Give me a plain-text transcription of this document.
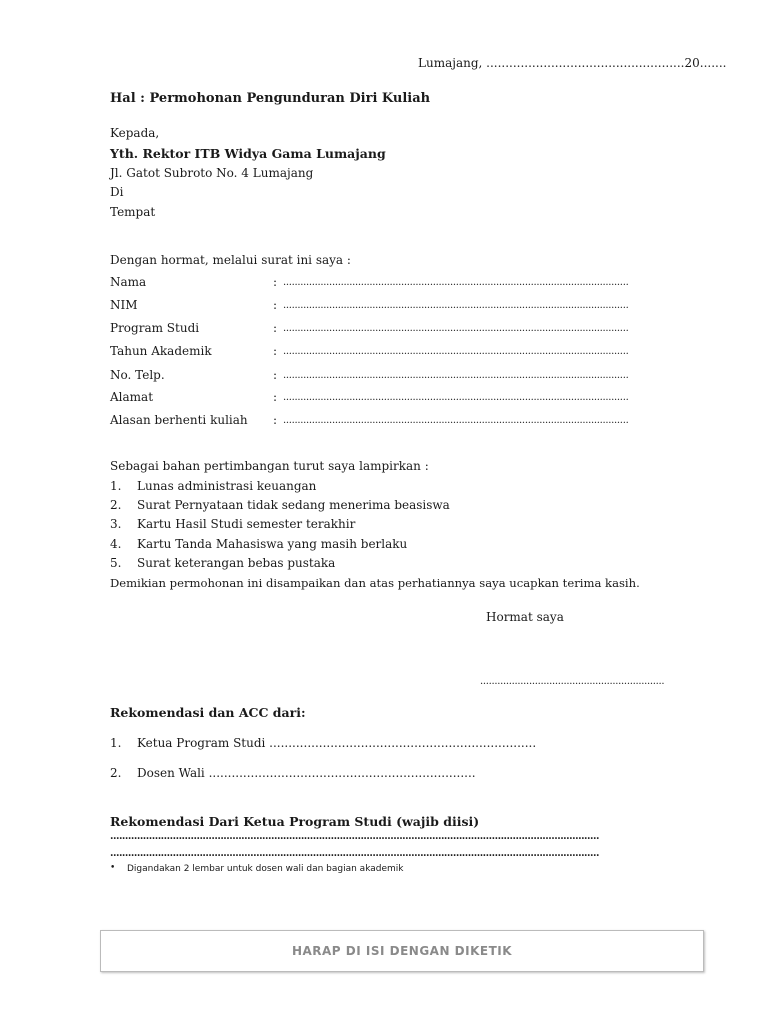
Lumajang, ....................................................20.......
Hal : Permohonan Pengunduran Diri Kuliah
Kepada,
Yth. Rektor ITB Widya Gama Lumajang
Jl. Gatot Subroto No. 4 Lumajang
Di
Tempat
Dengan hormat, melalui surat ini saya :
Nama	: ........................................................................................................................
NIM	: ........................................................................................................................
Program Studi	: ........................................................................................................................
Tahun Akademik	: ........................................................................................................................
No. Telp.	: ........................................................................................................................
Alamat	: ........................................................................................................................
Alasan berhenti kuliah : ........................................................................................................................
Sebagai bahan pertimbangan turut saya lampirkan :
1. Lunas administrasi keuangan
2. Surat Pernyataan tidak sedang menerima beasiswa
3. Kartu Hasil Studi semester terakhir
4. Kartu Tanda Mahasiswa yang masih berlaku
5. Surat keterangan bebas pustaka
Demikian permohonan ini disampaikan dan atas perhatiannya saya ucapkan terima kasih.
Hormat saya
................................................................
Rekomendasi dan ACC dari:
1. Ketua Program Studi ......................................................................
2. Dosen Wali ......................................................................
Rekomendasi Dari Ketua Program Studi (wajib diisi)
....................................................................................................................................................................
....................................................................................................................................................................
• Digandakan 2 lembar untuk dosen wali dan bagian akademik
HARAP DI ISI DENGAN DIKETIK
